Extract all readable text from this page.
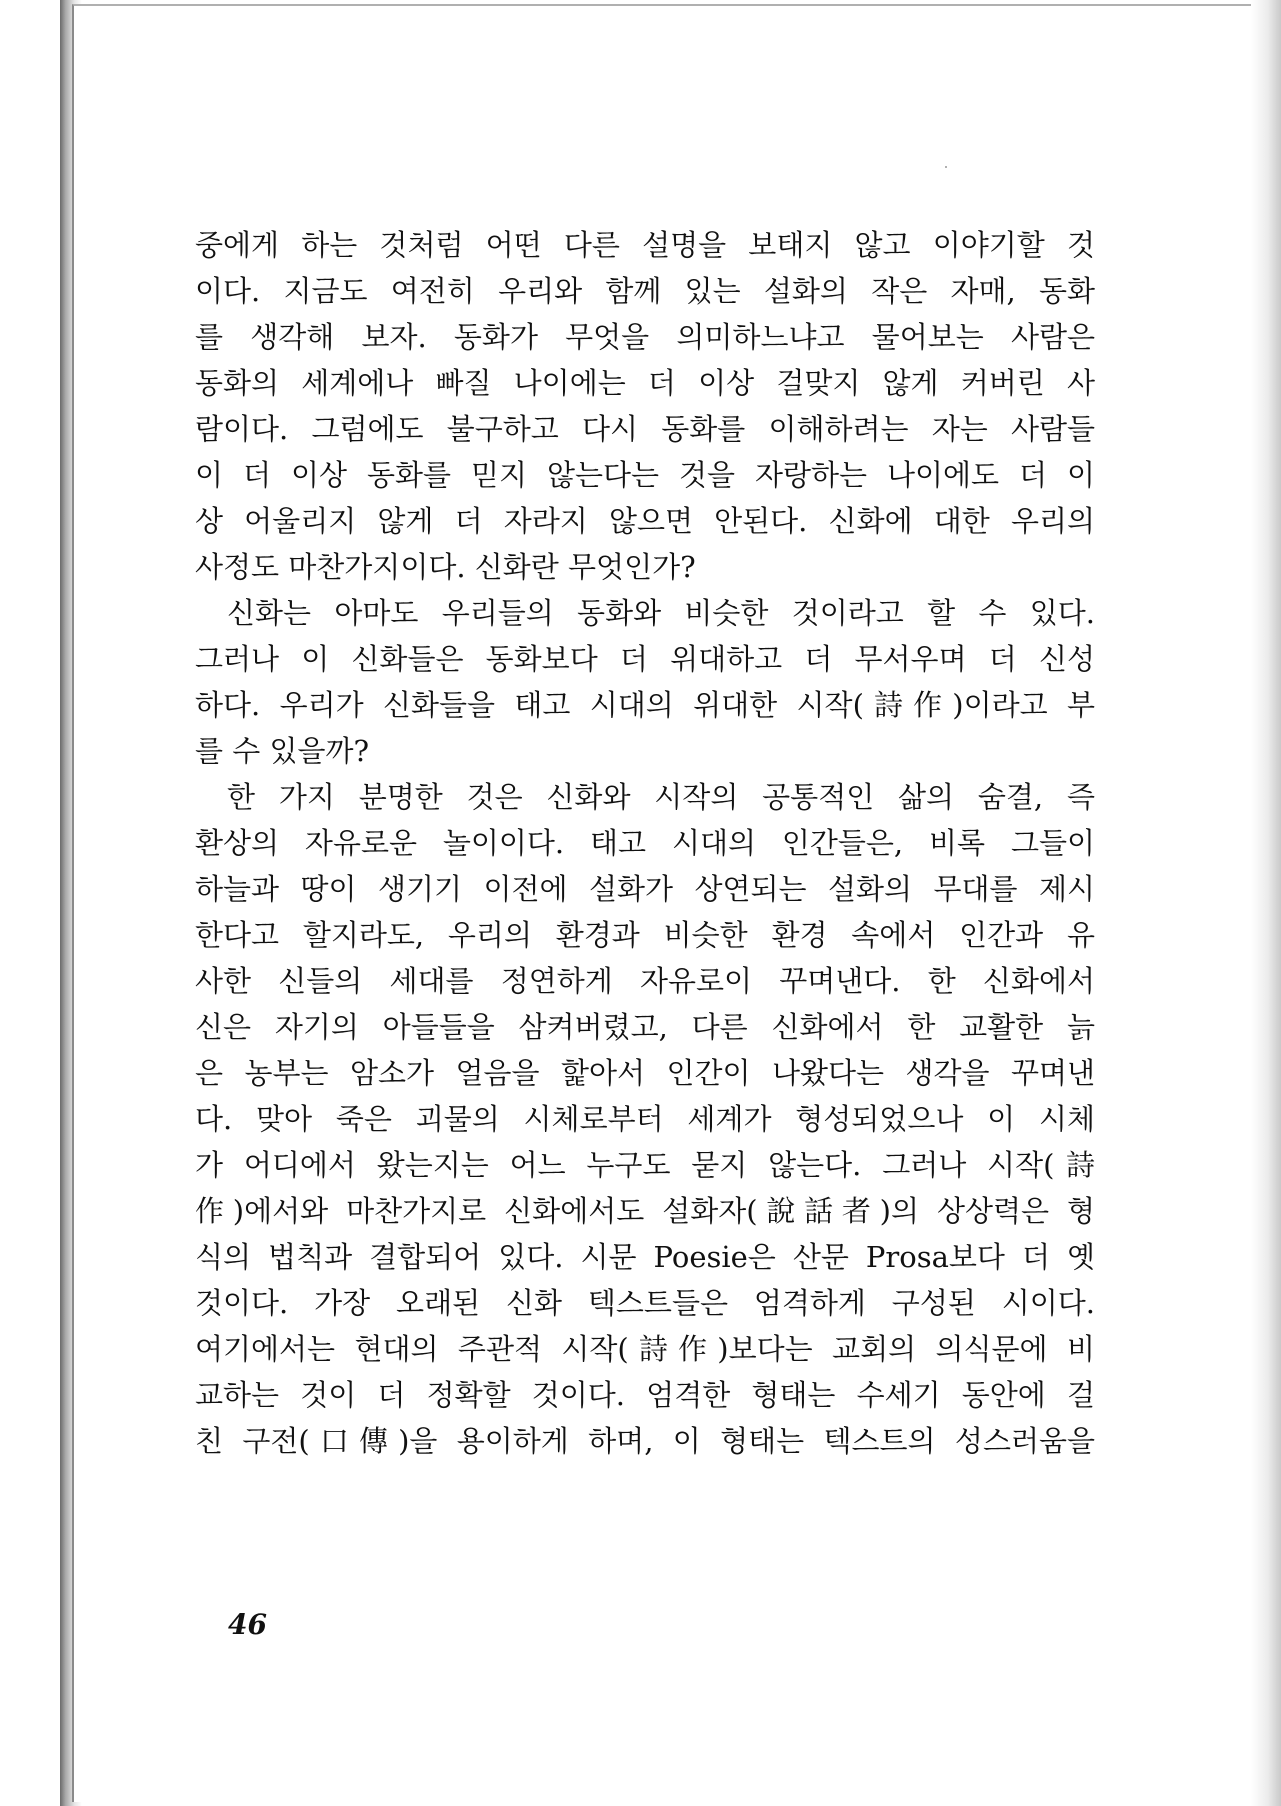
중에게 하는 것처럼 어떤 다른 설명을 보태지 않고 이야기할 것
이다. 지금도 여전히 우리와 함께 있는 설화의 작은 자매, 동화
를 생각해 보자. 동화가 무엇을 의미하느냐고 물어보는 사람은
동화의 세계에나 빠질 나이에는 더 이상 걸맞지 않게 커버린 사
람이다. 그럼에도 불구하고 다시 동화를 이해하려는 자는 사람들
이 더 이상 동화를 믿지 않는다는 것을 자랑하는 나이에도 더 이
상 어울리지 않게 더 자라지 않으면 안된다. 신화에 대한 우리의
사정도 마찬가지이다. 신화란 무엇인가?
신화는 아마도 우리들의 동화와 비슷한 것이라고 할 수 있다.
그러나 이 신화들은 동화보다 더 위대하고 더 무서우며 더 신성
하다. 우리가 신화들을 태고 시대의 위대한 시작(詩作)이라고 부
를 수 있을까?
한 가지 분명한 것은 신화와 시작의 공통적인 삶의 숨결, 즉
환상의 자유로운 놀이이다. 태고 시대의 인간들은, 비록 그들이
하늘과 땅이 생기기 이전에 설화가 상연되는 설화의 무대를 제시
한다고 할지라도, 우리의 환경과 비슷한 환경 속에서 인간과 유
사한 신들의 세대를 정연하게 자유로이 꾸며낸다. 한 신화에서
신은 자기의 아들들을 삼켜버렸고, 다른 신화에서 한 교활한 늙
은 농부는 암소가 얼음을 핥아서 인간이 나왔다는 생각을 꾸며낸
다. 맞아 죽은 괴물의 시체로부터 세계가 형성되었으나 이 시체
가 어디에서 왔는지는 어느 누구도 묻지 않는다. 그러나 시작(詩
作)에서와 마찬가지로 신화에서도 설화자(說話者)의 상상력은 형
식의 법칙과 결합되어 있다. 시문 Poesie은 산문 Prosa보다 더 옛
것이다. 가장 오래된 신화 텍스트들은 엄격하게 구성된 시이다.
여기에서는 현대의 주관적 시작(詩作)보다는 교회의 의식문에 비
교하는 것이 더 정확할 것이다. 엄격한 형태는 수세기 동안에 걸
친 구전(口傳)을 용이하게 하며, 이 형태는 텍스트의 성스러움을
46
